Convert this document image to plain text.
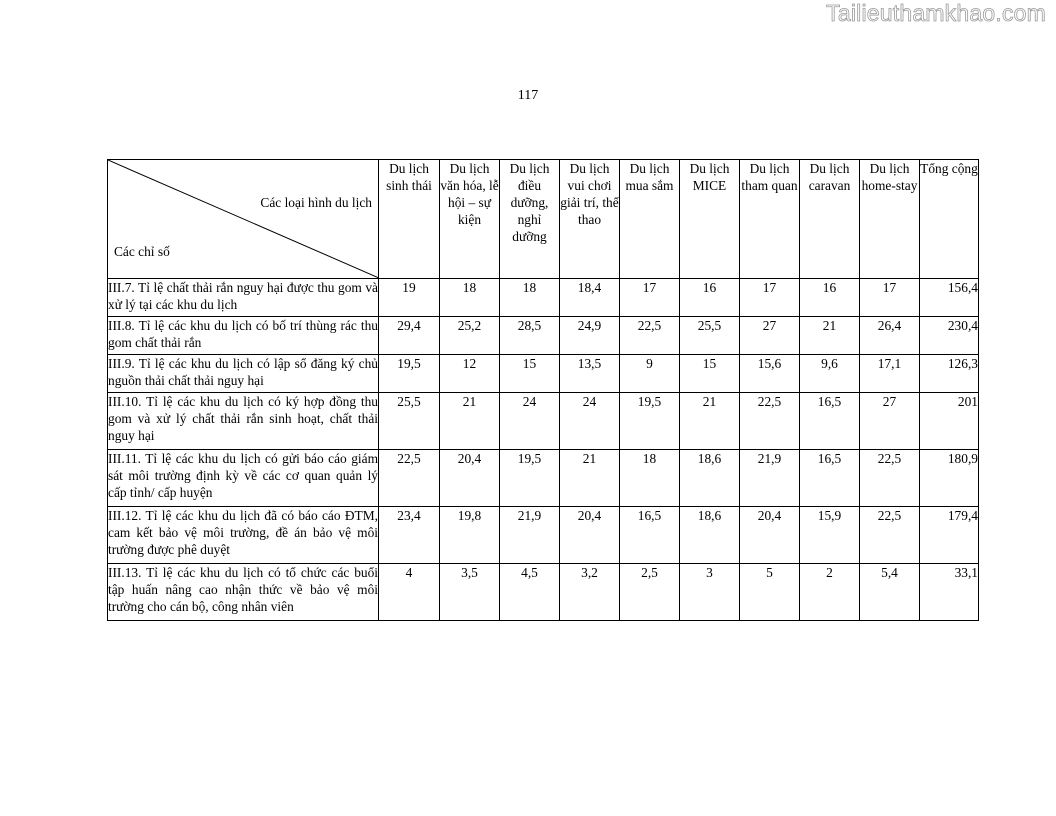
Tailieuthamkhao.com
117
Các loại hình du lịch
Các chỉ số	Du lịch sinh thái	Du lịch văn hóa, lễ hội – sự kiện	Du lịch điều dưỡng, nghỉ dưỡng	Du lịch vui chơi giải trí, thể thao	Du lịch mua sắm	Du lịch MICE	Du lịch tham quan	Du lịch caravan	Du lịch home-stay	Tổng cộng
III.7. Tỉ lệ chất thải rắn nguy hại được thu gom và xử lý tại các khu du lịch	19	18	18	18,4	17	16	17	16	17	156,4
III.8. Tỉ lệ các khu du lịch có bố trí thùng rác thu gom chất thải rắn	29,4	25,2	28,5	24,9	22,5	25,5	27	21	26,4	230,4
III.9. Tỉ lệ các khu du lịch có lập sổ đăng ký chủ nguồn thải chất thải nguy hại	19,5	12	15	13,5	9	15	15,6	9,6	17,1	126,3
III.10. Tỉ lệ các khu du lịch có ký hợp đồng thu gom và xử lý chất thải rắn sinh hoạt, chất thải nguy hại	25,5	21	24	24	19,5	21	22,5	16,5	27	201
III.11. Tỉ lệ các khu du lịch có gửi báo cáo giám sát môi trường định kỳ về các cơ quan quản lý cấp tỉnh/ cấp huyện	22,5	20,4	19,5	21	18	18,6	21,9	16,5	22,5	180,9
III.12. Tỉ lệ các khu du lịch đã có báo cáo ĐTM, cam kết bảo vệ môi trường, đề án bảo vệ môi trường được phê duyệt	23,4	19,8	21,9	20,4	16,5	18,6	20,4	15,9	22,5	179,4
III.13. Tỉ lệ các khu du lịch có tổ chức các buổi tập huấn nâng cao nhận thức về bảo vệ môi trường cho cán bộ, công nhân viên	4	3,5	4,5	3,2	2,5	3	5	2	5,4	33,1
